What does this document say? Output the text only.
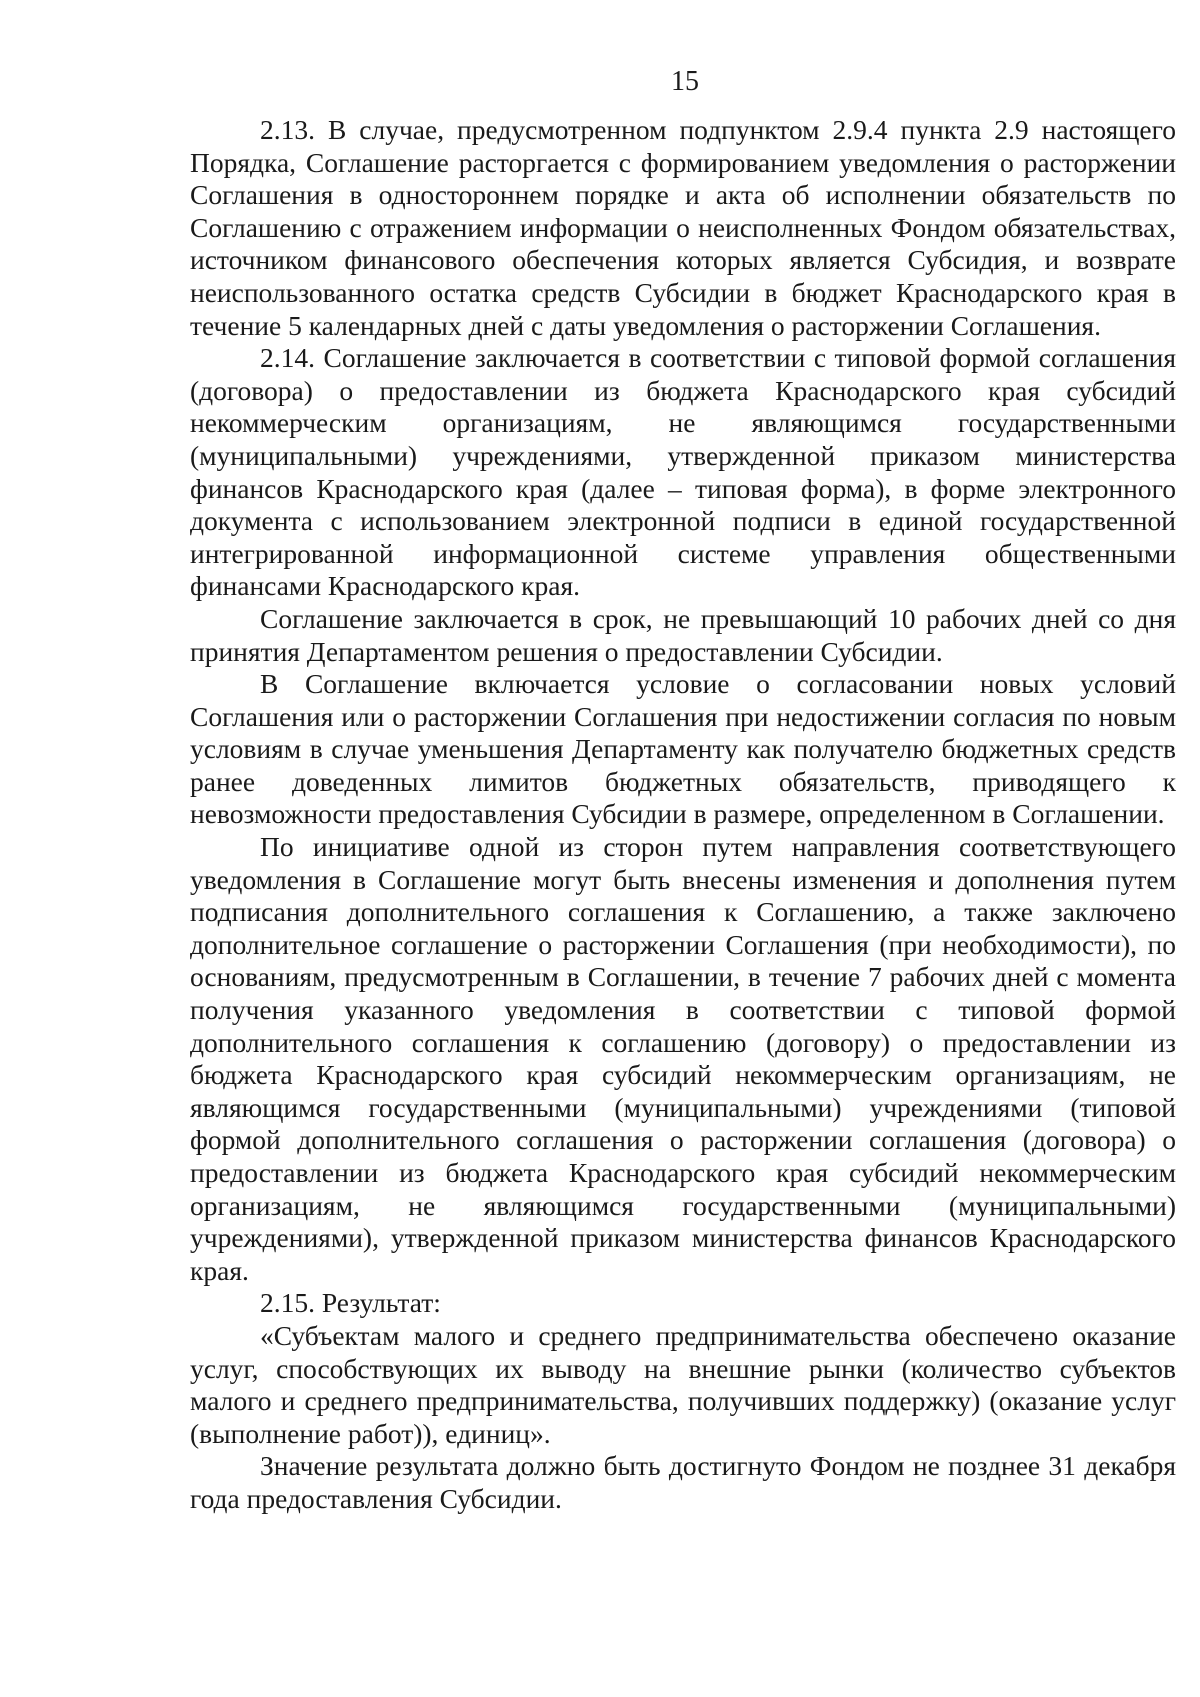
15

2.13. В случае, предусмотренном подпунктом 2.9.4 пункта 2.9 настоящего Порядка, Соглашение расторгается с формированием уведомления о расторжении Соглашения в одностороннем порядке и акта об исполнении обязательств по Соглашению с отражением информации о неисполненных Фондом обязательствах, источником финансового обеспечения которых является Субсидия, и возврате неиспользованного остатка средств Субсидии в бюджет Краснодарского края в течение 5 календарных дней с даты уведомления о расторжении Соглашения.

2.14. Соглашение заключается в соответствии с типовой формой соглашения (договора) о предоставлении из бюджета Краснодарского края субсидий некоммерческим организациям, не являющимся государственными (муниципальными) учреждениями, утвержденной приказом министерства финансов Краснодарского края (далее – типовая форма), в форме электронного документа с использованием электронной подписи в единой государственной интегрированной информационной системе управления общественными финансами Краснодарского края.

Соглашение заключается в срок, не превышающий 10 рабочих дней со дня принятия Департаментом решения о предоставлении Субсидии.

В Соглашение включается условие о согласовании новых условий Соглашения или о расторжении Соглашения при недостижении согласия по новым условиям в случае уменьшения Департаменту как получателю бюджетных средств ранее доведенных лимитов бюджетных обязательств, приводящего к невозможности предоставления Субсидии в размере, определенном в Соглашении.

По инициативе одной из сторон путем направления соответствующего уведомления в Соглашение могут быть внесены изменения и дополнения путем подписания дополнительного соглашения к Соглашению, а также заключено дополнительное соглашение о расторжении Соглашения (при необходимости), по основаниям, предусмотренным в Соглашении, в течение 7 рабочих дней с момента получения указанного уведомления в соответствии с типовой формой дополнительного соглашения к соглашению (договору) о предоставлении из бюджета Краснодарского края субсидий некоммерческим организациям, не являющимся государственными (муниципальными) учреждениями (типовой формой дополнительного соглашения о расторжении соглашения (договора) о предоставлении из бюджета Краснодарского края субсидий некоммерческим организациям, не являющимся государственными (муниципальными) учреждениями), утвержденной приказом министерства финансов Краснодарского края.

2.15. Результат:

«Субъектам малого и среднего предпринимательства обеспечено оказание услуг, способствующих их выводу на внешние рынки (количество субъектов малого и среднего предпринимательства, получивших поддержку) (оказание услуг (выполнение работ)), единиц».

Значение результата должно быть достигнуто Фондом не позднее 31 декабря года предоставления Субсидии.
